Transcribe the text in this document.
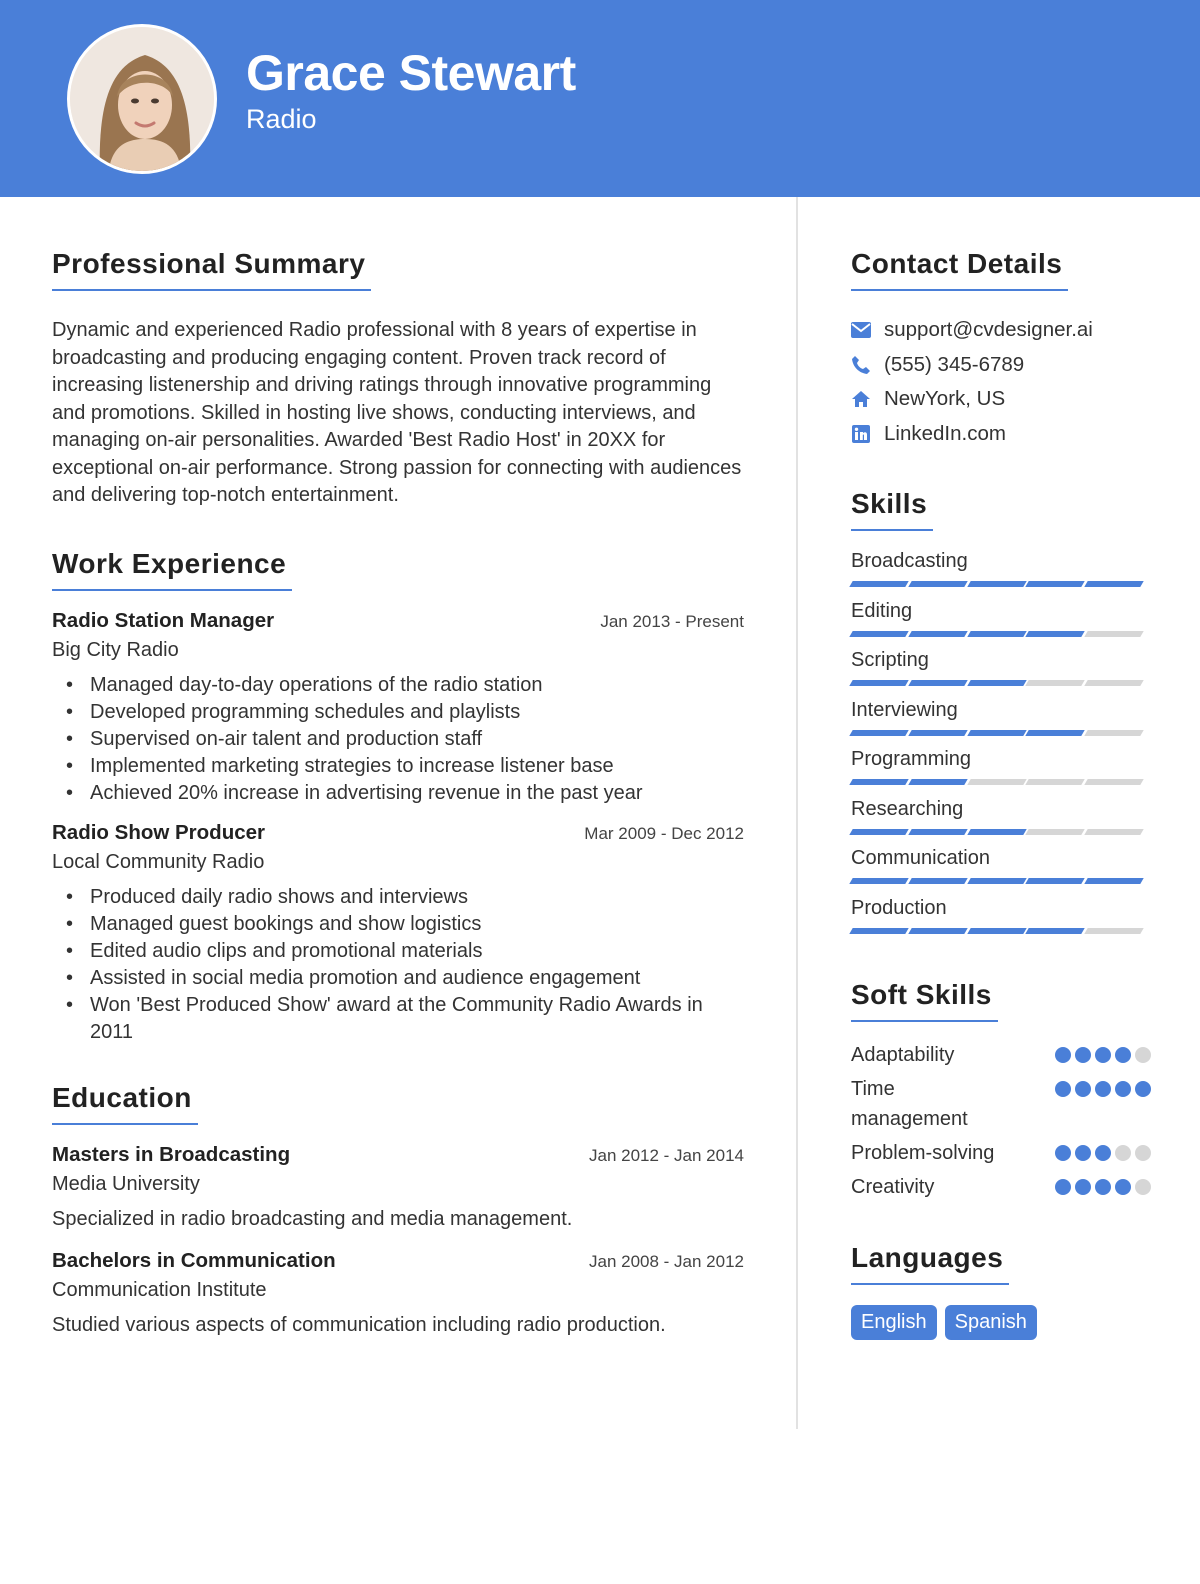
Grace Stewart
Radio
Professional Summary

Dynamic and experienced Radio professional with 8 years of expertise in broadcasting and producing engaging content. Proven track record of increasing listenership and driving ratings through innovative programming and promotions. Skilled in hosting live shows, conducting interviews, and managing on-air personalities. Awarded 'Best Radio Host' in 20XX for exceptional on-air performance. Strong passion for connecting with audiences and delivering top-notch entertainment.

Work Experience
Radio Station Manager	Jan 2013 - Present
Big City Radio
• Managed day-to-day operations of the radio station
• Developed programming schedules and playlists
• Supervised on-air talent and production staff
• Implemented marketing strategies to increase listener base
• Achieved 20% increase in advertising revenue in the past year
Radio Show Producer	Mar 2009 - Dec 2012
Local Community Radio
• Produced daily radio shows and interviews
• Managed guest bookings and show logistics
• Edited audio clips and promotional materials
• Assisted in social media promotion and audience engagement
• Won 'Best Produced Show' award at the Community Radio Awards in 2011
Education
Masters in Broadcasting	Jan 2012 - Jan 2014
Media University
Specialized in radio broadcasting and media management.
Bachelors in Communication	Jan 2008 - Jan 2012
Communication Institute
Studied various aspects of communication including radio production.
Contact Details
support@cvdesigner.ai
(555) 345-6789
NewYork, US
LinkedIn.com
Skills
Broadcasting
Editing
Scripting
Interviewing
Programming
Researching
Communication
Production
Soft Skills
Adaptability
Time management
Problem-solving
Creativity
Languages
English	Spanish
